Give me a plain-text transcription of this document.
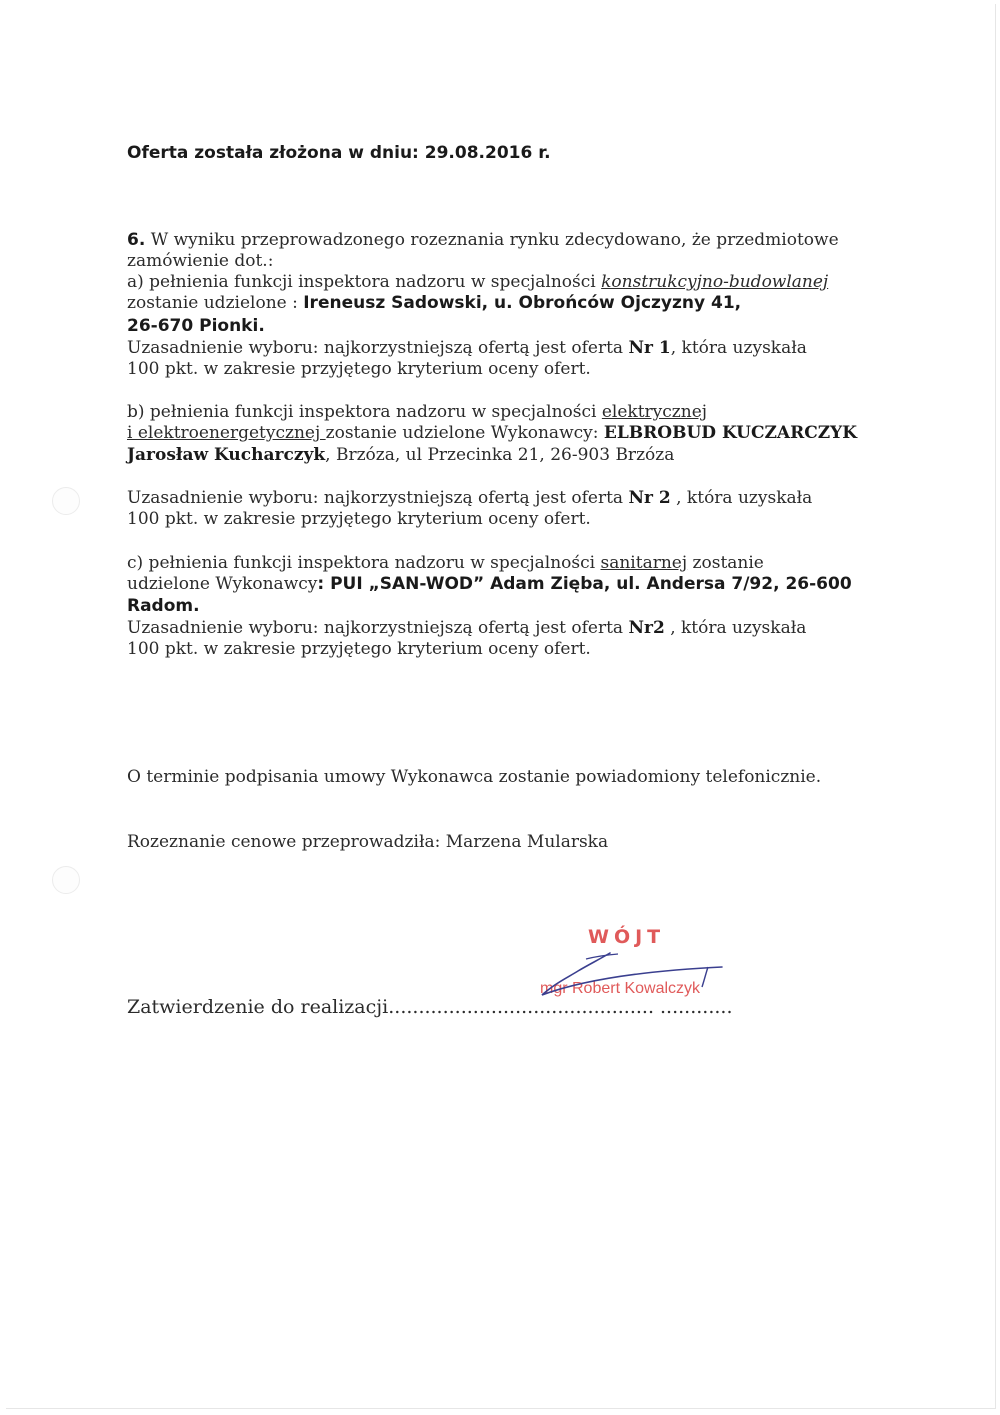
Oferta została złożona w dniu: 29.08.2016 r.
6. W wyniku przeprowadzonego rozeznania rynku zdecydowano, że przedmiotowe
zamówienie dot.:
a) pełnienia funkcji inspektora nadzoru w specjalności konstrukcyjno-budowlanej
zostanie udzielone : Ireneusz Sadowski, u. Obrońców Ojczyzny 41,
26-670 Pionki.
Uzasadnienie wyboru: najkorzystniejszą ofertą jest oferta Nr 1, która uzyskała
100 pkt. w zakresie przyjętego kryterium oceny ofert.
b) pełnienia funkcji inspektora nadzoru w specjalności elektrycznej
i elektroenergetycznej zostanie udzielone Wykonawcy: ELBROBUD KUCZARCZYK
Jarosław Kucharczyk, Brzóza, ul Przecinka 21, 26-903 Brzóza
Uzasadnienie wyboru: najkorzystniejszą ofertą jest oferta Nr 2 , która uzyskała
100 pkt. w zakresie przyjętego kryterium oceny ofert.
c) pełnienia funkcji inspektora nadzoru w specjalności sanitarnej zostanie
udzielone Wykonawcy: PUI „SAN-WOD” Adam Zięba, ul. Andersa 7/92, 26-600
Radom.
Uzasadnienie wyboru: najkorzystniejszą ofertą jest oferta Nr2 , która uzyskała
100 pkt. w zakresie przyjętego kryterium oceny ofert.
O terminie podpisania umowy Wykonawca zostanie powiadomiony telefonicznie.
Rozeznanie cenowe przeprowadziła: Marzena Mularska
Zatwierdzenie do realizacji............................................ ............
WÓJT
mgr Robert Kowalczyk
